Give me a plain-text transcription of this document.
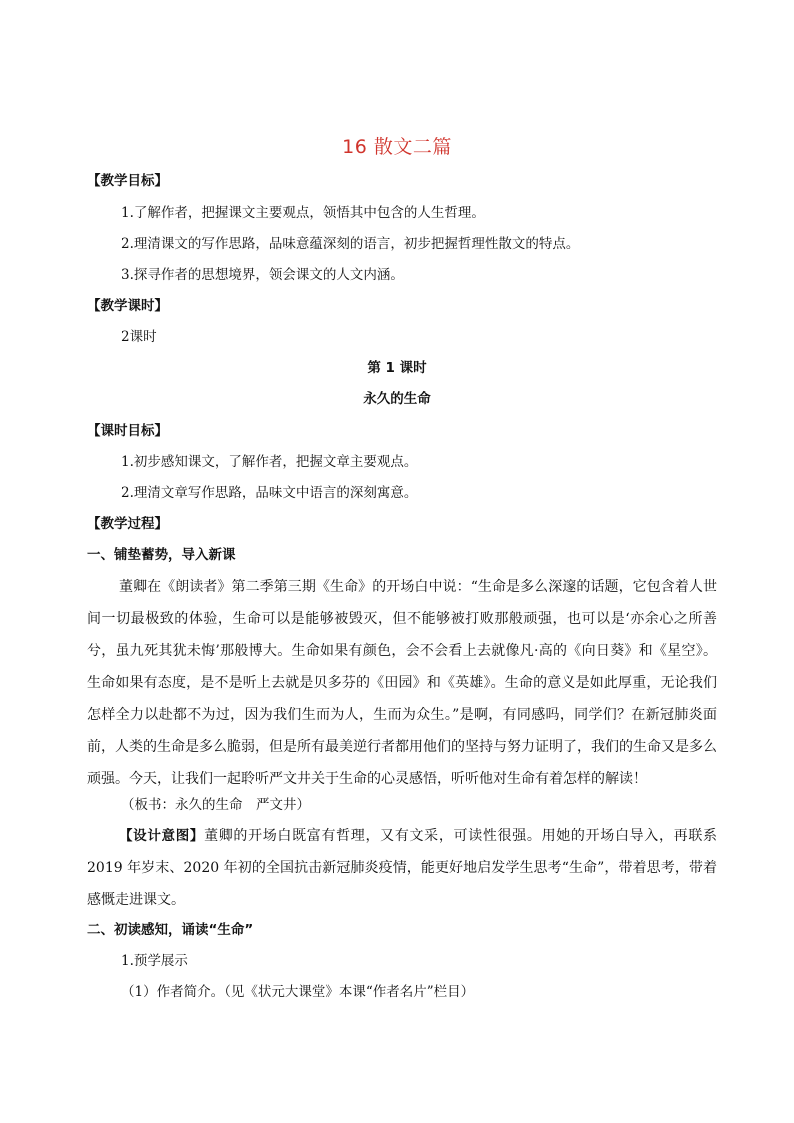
16 散文二篇
【教学目标】
1.了解作者，把握课文主要观点，领悟其中包含的人生哲理。
2.理清课文的写作思路，品味意蕴深刻的语言，初步把握哲理性散文的特点。
3.探寻作者的思想境界，领会课文的人文内涵。
【教学课时】
2课时
第 1 课时
永久的生命
【课时目标】
1.初步感知课文，了解作者，把握文章主要观点。
2.理清文章写作思路，品味文中语言的深刻寓意。
【教学过程】
一、铺垫蓄势，导入新课
董卿在《朗读者》第二季第三期《生命》的开场白中说：“生命是多么深邃的话题，它包含着人世间一切最极致的体验，生命可以是能够被毁灭，但不能够被打败那般顽强，也可以是‘亦余心之所善兮，虽九死其犹未悔’那般博大。生命如果有颜色，会不会看上去就像凡·高的《向日葵》和《星空》。生命如果有态度，是不是听上去就是贝多芬的《田园》和《英雄》。生命的意义是如此厚重，无论我们怎样全力以赴都不为过，因为我们生而为人，生而为众生。”是啊，有同感吗，同学们？在新冠肺炎面前，人类的生命是多么脆弱，但是所有最美逆行者都用他们的坚持与努力证明了，我们的生命又是多么顽强。今天，让我们一起聆听严文井关于生命的心灵感悟，听听他对生命有着怎样的解读！
（板书：永久的生命　严文井）
【设计意图】董卿的开场白既富有哲理，又有文采，可读性很强。用她的开场白导入，再联系 2019 年岁末、2020 年初的全国抗击新冠肺炎疫情，能更好地启发学生思考“生命”，带着思考，带着感慨走进课文。
二、初读感知，诵读“生命”
1.预学展示
（1）作者简介。（见《状元大课堂》本课“作者名片”栏目）
